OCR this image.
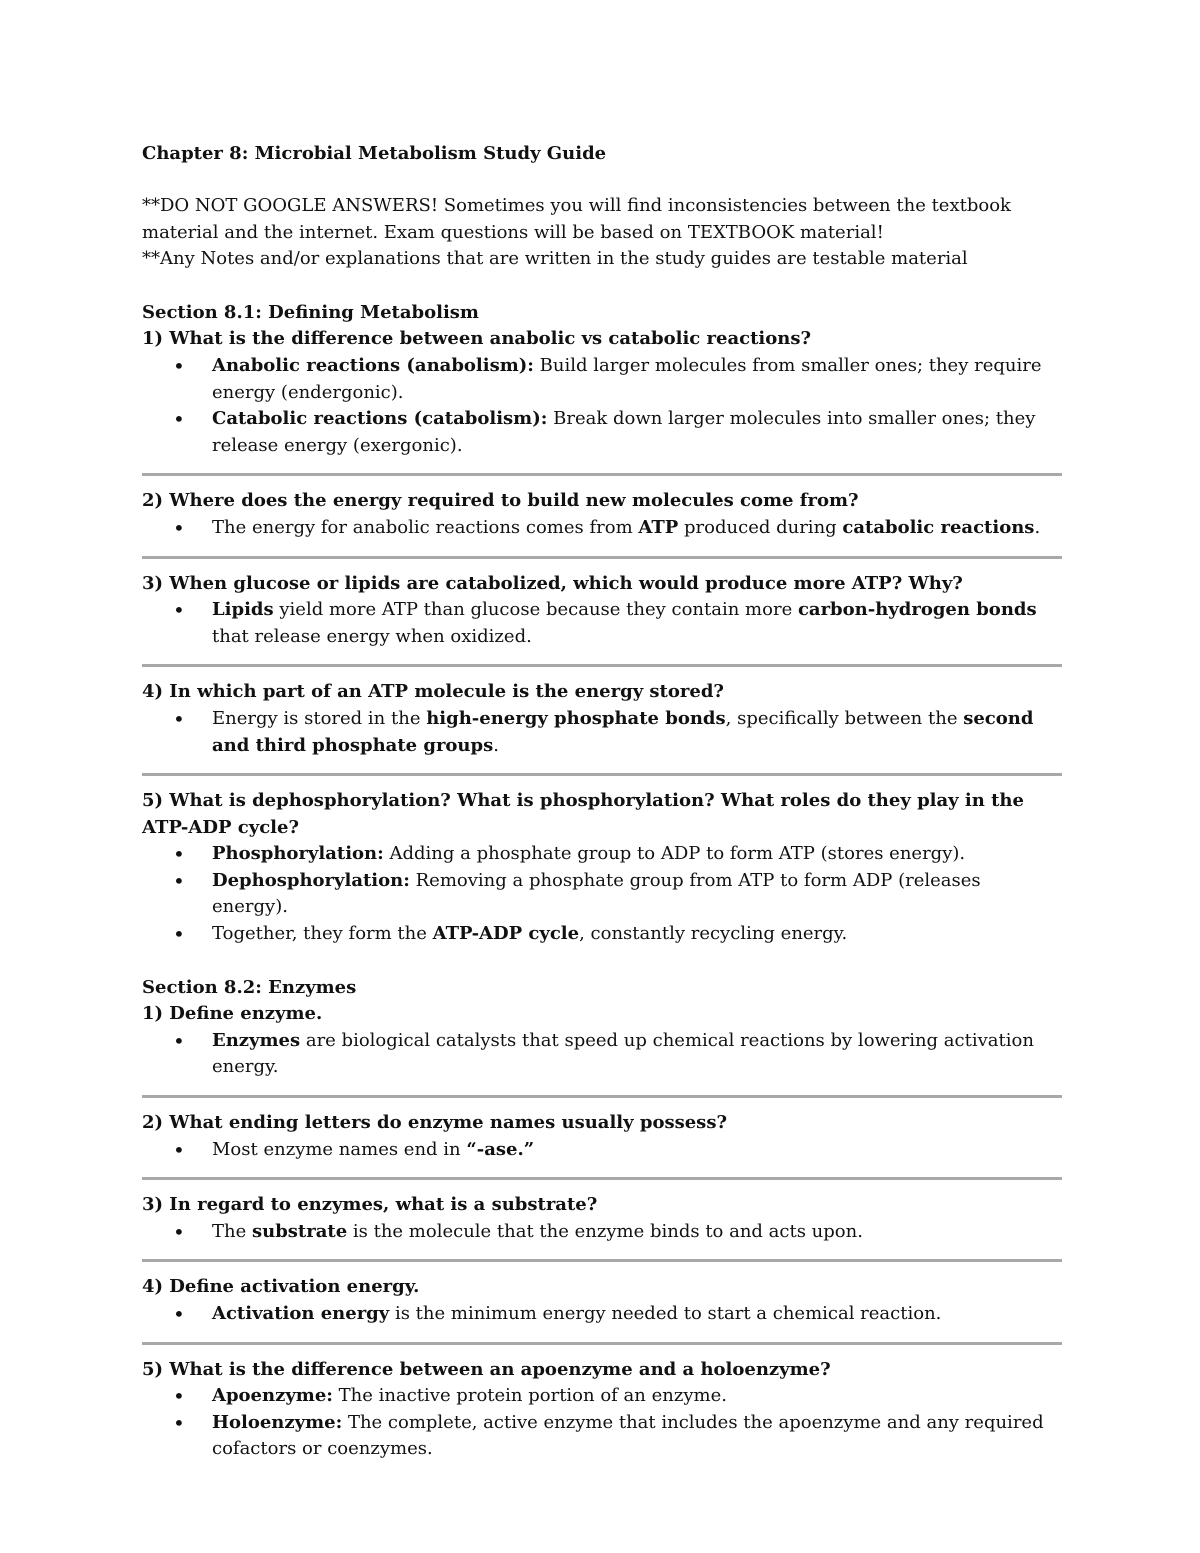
Chapter 8: Microbial Metabolism Study Guide

**DO NOT GOOGLE ANSWERS! Sometimes you will find inconsistencies between the textbook material and the internet. Exam questions will be based on TEXTBOOK material!

**Any Notes and/or explanations that are written in the study guides are testable material

Section 8.1: Defining Metabolism

1) What is the difference between anabolic vs catabolic reactions?

• Anabolic reactions (anabolism): Build larger molecules from smaller ones; they require energy (endergonic).
• Catabolic reactions (catabolism): Break down larger molecules into smaller ones; they release energy (exergonic).

2) Where does the energy required to build new molecules come from?

• The energy for anabolic reactions comes from ATP produced during catabolic reactions.

3) When glucose or lipids are catabolized, which would produce more ATP? Why?

• Lipids yield more ATP than glucose because they contain more carbon-hydrogen bonds that release energy when oxidized.

4) In which part of an ATP molecule is the energy stored?

• Energy is stored in the high-energy phosphate bonds, specifically between the second and third phosphate groups.

5) What is dephosphorylation? What is phosphorylation? What roles do they play in the ATP-ADP cycle?

• Phosphorylation: Adding a phosphate group to ADP to form ATP (stores energy).
• Dephosphorylation: Removing a phosphate group from ATP to form ADP (releases energy).
• Together, they form the ATP-ADP cycle, constantly recycling energy.

Section 8.2: Enzymes

1) Define enzyme.

• Enzymes are biological catalysts that speed up chemical reactions by lowering activation energy.

2) What ending letters do enzyme names usually possess?

• Most enzyme names end in “-ase.”

3) In regard to enzymes, what is a substrate?

• The substrate is the molecule that the enzyme binds to and acts upon.

4) Define activation energy.

• Activation energy is the minimum energy needed to start a chemical reaction.

5) What is the difference between an apoenzyme and a holoenzyme?

• Apoenzyme: The inactive protein portion of an enzyme.
• Holoenzyme: The complete, active enzyme that includes the apoenzyme and any required cofactors or coenzymes.
